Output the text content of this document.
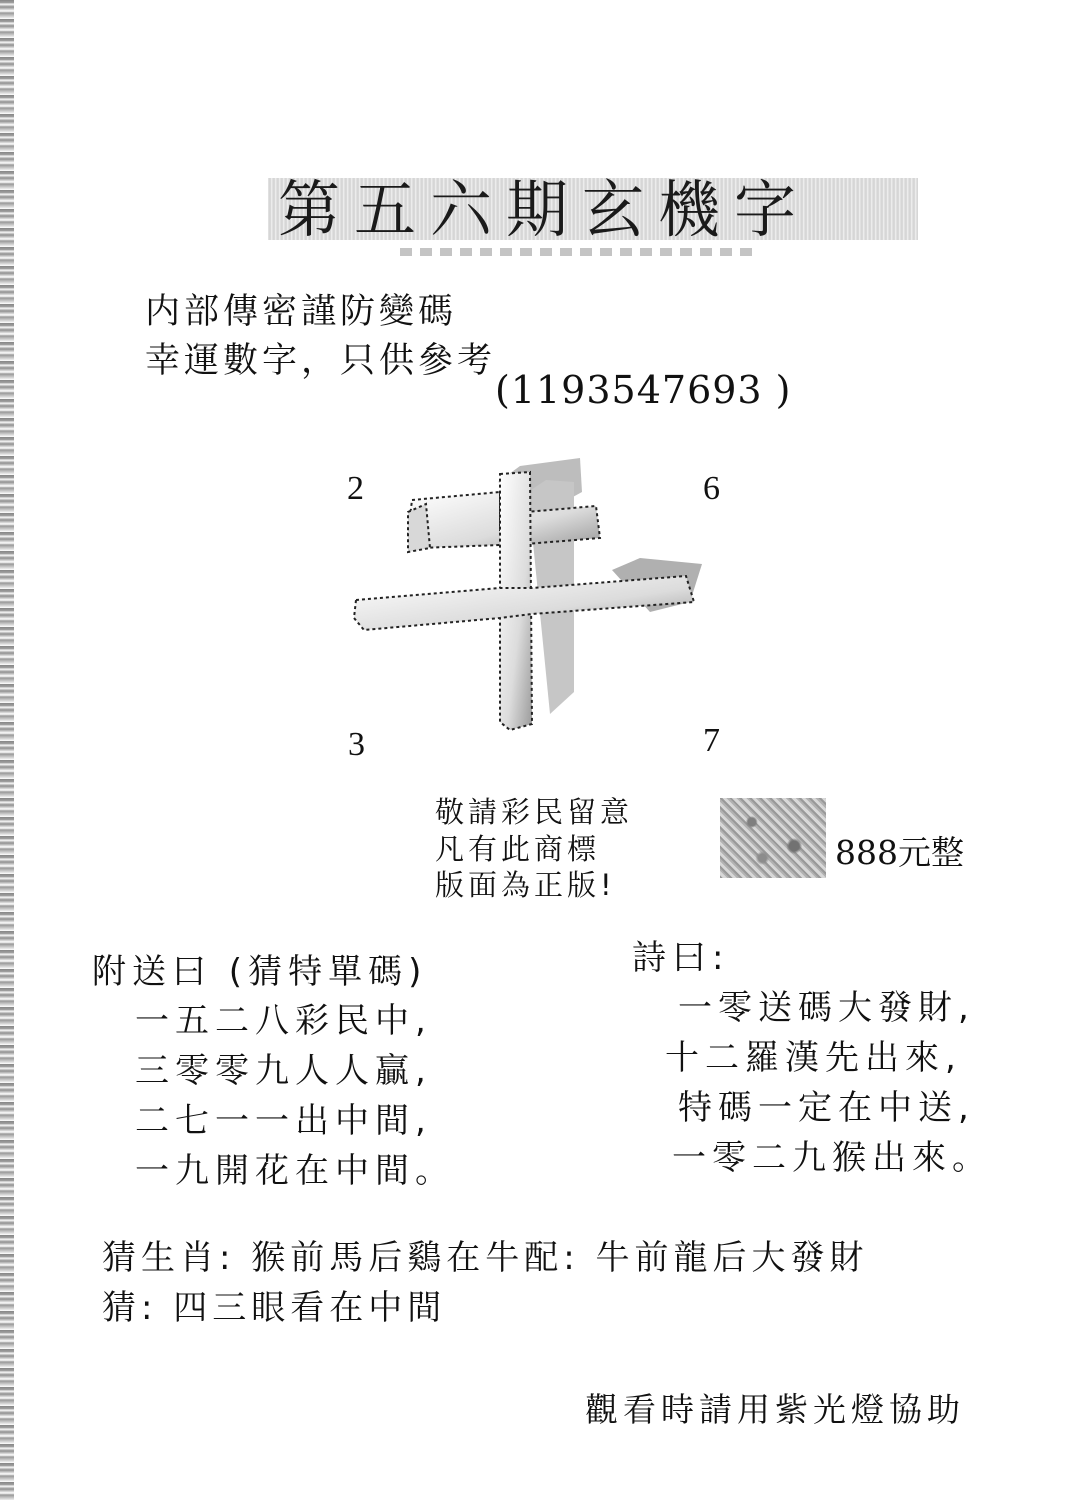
第五六期玄機字
内部傳密謹防變碼
幸運數字，只供參考
(1193547693 )
2	6
3	7
敬請彩民留意
凡有此商標
版面為正版!
888元整
附送曰 (猜特單碼)
一五二八彩民中,
三零零九人人贏,
二七一一出中間,
一九開花在中間。
詩曰:
一零送碼大發財,
十二羅漢先出來,
特碼一定在中送,
一零二九猴出來。
猜生肖: 猴前馬后鷄在牛配: 牛前龍后大發財
猜: 四三眼看在中間
觀看時請用紫光燈協助
